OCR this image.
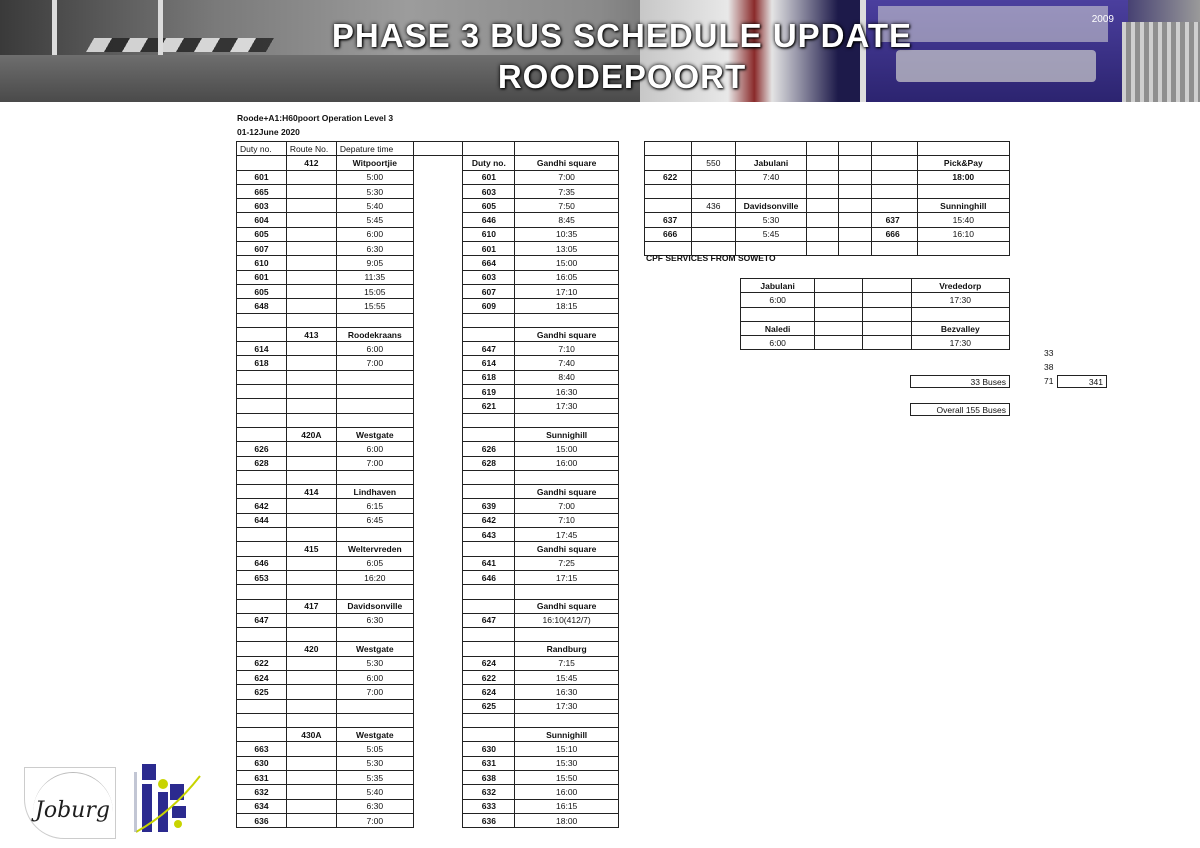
2009
PHASE 3 BUS SCHEDULE UPDATE
ROODEPOORT
Roode+A1:H60poort Operation Level 3
01-12June 2020
Duty no.	Route No.	Depature time			
	412	Witpoortjie		Duty no.	Gandhi square
601		5:00		601	7:00
665		5:30		603	7:35
603		5:40		605	7:50
604		5:45		646	8:45
605		6:00		610	10:35
607		6:30		601	13:05
610		9:05		664	15:00
601		11:35		603	16:05
605		15:05		607	17:10
648		15:55		609	18:15

	413	Roodekraans			Gandhi square
614		6:00		647	7:10
618		7:00		614	7:40
				618	8:40
				619	16:30
				621	17:30

	420A	Westgate			Sunnighill
626		6:00		626	15:00
628		7:00		628	16:00

	414	Lindhaven			Gandhi square
642		6:15		639	7:00
644		6:45		642	7:10
				643	17:45
	415	Weltervreden			Gandhi square
646		6:05		641	7:25
653		16:20		646	17:15

	417	Davidsonville			Gandhi square
647		6:30		647	16:10(412/7)

	420	Westgate			Randburg
622		5:30		624	7:15
624		6:00		622	15:45
625		7:00		624	16:30
				625	17:30

	430A	Westgate			Sunnighill
663		5:05		630	15:10
630		5:30		631	15:30
631		5:35		638	15:50
632		5:40		632	16:00
634		6:30		633	16:15
636		7:00		636	18:00

	550	Jabulani				Pick&Pay
622		7:40				18:00

	436	Davidsonville				Sunninghill
637		5:30			637	15:40
666		5:45			666	16:10

CPF SERVICES FROM SOWETO
Jabulani			Vrededorp
6:00			17:30

Naledi			Bezvalley
6:00			17:30
33
38
33 Buses	71	341
Overall 155 Buses
Joburg
